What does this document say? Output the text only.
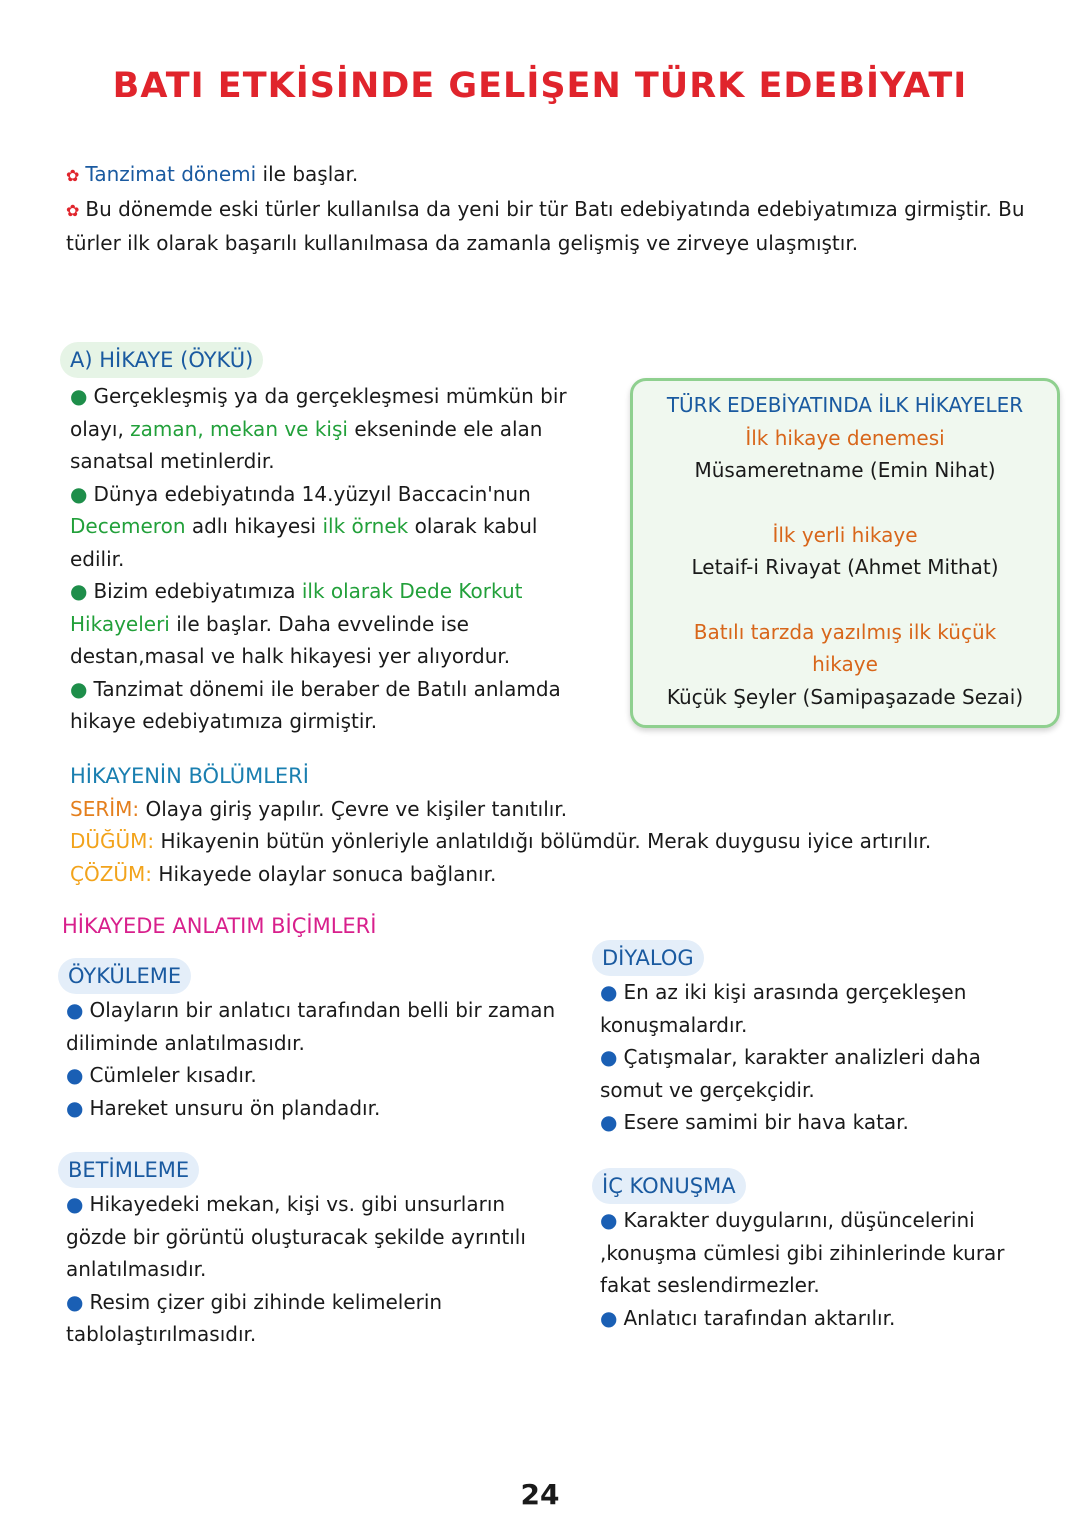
BATI ETKİSİNDE GELİŞEN TÜRK EDEBİYATI
✿ Tanzimat dönemi ile başlar.
✿ Bu dönemde eski türler kullanılsa da yeni bir tür Batı edebiyatında edebiyatımıza girmiştir. Bu türler ilk olarak başarılı kullanılmasa da zamanla gelişmiş ve zirveye ulaşmıştır.
A) HİKAYE (ÖYKÜ)
● Gerçekleşmiş ya da gerçekleşmesi mümkün bir olayı, zaman, mekan ve kişi ekseninde ele alan sanatsal metinlerdir.
● Dünya edebiyatında 14.yüzyıl Baccacin'nun Decemeron adlı hikayesi ilk örnek olarak kabul edilir.
● Bizim edebiyatımıza ilk olarak Dede Korkut Hikayeleri ile başlar. Daha evvelinde ise destan,masal ve halk hikayesi yer alıyordur.
● Tanzimat dönemi ile beraber de Batılı anlamda hikaye edebiyatımıza girmiştir.
TÜRK EDEBİYATINDA İLK HİKAYELER
İlk hikaye denemesi
Müsameretname (Emin Nihat)
İlk yerli hikaye
Letaif-i Rivayat (Ahmet Mithat)
Batılı tarzda yazılmış ilk küçük hikaye
Küçük Şeyler (Samipaşazade Sezai)
HİKAYENİN BÖLÜMLERİ
SERİM: Olaya giriş yapılır. Çevre ve kişiler tanıtılır.
DÜĞÜM: Hikayenin bütün yönleriyle anlatıldığı bölümdür. Merak duygusu iyice artırılır.
ÇÖZÜM: Hikayede olaylar sonuca bağlanır.
HİKAYEDE ANLATIM BİÇİMLERİ
ÖYKÜLEME
● Olayların bir anlatıcı tarafından belli bir zaman diliminde anlatılmasıdır.
● Cümleler kısadır.
● Hareket unsuru ön plandadır.
BETİMLEME
● Hikayedeki mekan, kişi vs. gibi unsurların gözde bir görüntü oluşturacak şekilde ayrıntılı anlatılmasıdır.
● Resim çizer gibi zihinde kelimelerin tablolaştırılmasıdır.
DİYALOG
● En az iki kişi arasında gerçekleşen konuşmalardır.
● Çatışmalar, karakter analizleri daha somut ve gerçekçidir.
● Esere samimi bir hava katar.
İÇ KONUŞMA
● Karakter duygularını, düşüncelerini ,konuşma cümlesi gibi zihinlerinde kurar fakat seslendirmezler.
● Anlatıcı tarafından aktarılır.
24
